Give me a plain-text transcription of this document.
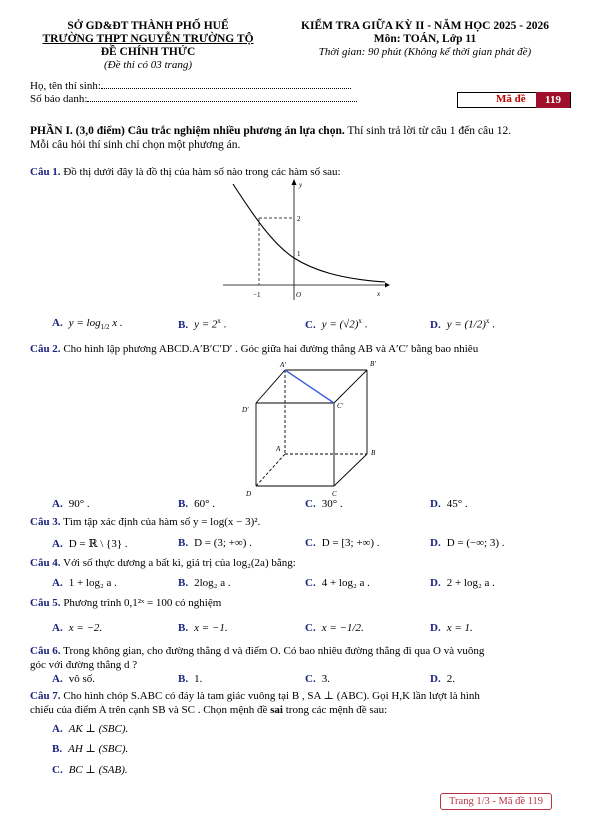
SỞ GD&ĐT THÀNH PHỐ HUẾ
TRƯỜNG THPT NGUYỄN TRƯỜNG TỘ
ĐỀ CHÍNH THỨC
(Đề thi có 03 trang)
KIỂM TRA GIỮA KỲ II - NĂM HỌC 2025 - 2026
Môn: TOÁN, Lớp 11
Thời gian: 90 phút (Không kể thời gian phát đề)
Họ, tên thí sinh:
Số báo danh:	Mã đề	119
PHẦN I. (3,0 điểm) Câu trắc nghiệm nhiều phương án lựa chọn. Thí sinh trả lời từ câu 1 đến câu 12.
Mỗi câu hỏi thí sinh chỉ chọn một phương án.
Câu 1. Đồ thị dưới đây là đồ thị của hàm số nào trong các hàm số sau:
y
x
O
−1
1
2
A. $y = \log_{1/2} x$ .	B. $y = 2^x$ .	C. $y = (√2)^x$ .	D. $y = (1/2)^x$ .
Câu 2. Cho hình lập phương ABCD.A′B′C′D′ . Góc giữa hai đường thẳng AB và A′C′ bằng bao nhiêu
A′	B′
C′
D′
A	B
C
D
A. 90° .	B. 60° .	C. 30° .	D. 45° .
Câu 3. Tìm tập xác định của hàm số y = log(x − 3)².
A. D = ℝ \ {3} .	B. D = (3; +∞) .	C. D = [3; +∞) .	D. D = (−∞; 3) .
Câu 4. Với số thực dương a bất kì, giá trị của log₂(2a) bằng:
A. 1 + log₂ a .	B. 2log₂ a .	C. 4 + log₂ a .	D. 2 + log₂ a .
Câu 5. Phương trình 0,1²ˣ = 100 có nghiệm
A. x = −2.	B. x = −1.	C. x = −1/2.	D. x = 1.
Câu 6. Trong không gian, cho đường thẳng d và điểm O. Có bao nhiêu đường thẳng đi qua O và vuông
góc với đường thẳng d ?
A. vô số.	B. 1.	C. 3.	D. 2.
Câu 7. Cho hình chóp S.ABC có đáy là tam giác vuông tại B , SA ⊥ (ABC). Gọi H,K lần lượt là hình
chiếu của điểm A trên cạnh SB và SC . Chọn mệnh đề sai trong các mệnh đề sau:
A. AK ⊥ (SBC).
B. AH ⊥ (SBC).
C. BC ⊥ (SAB).
Trang 1/3 - Mã đề 119
